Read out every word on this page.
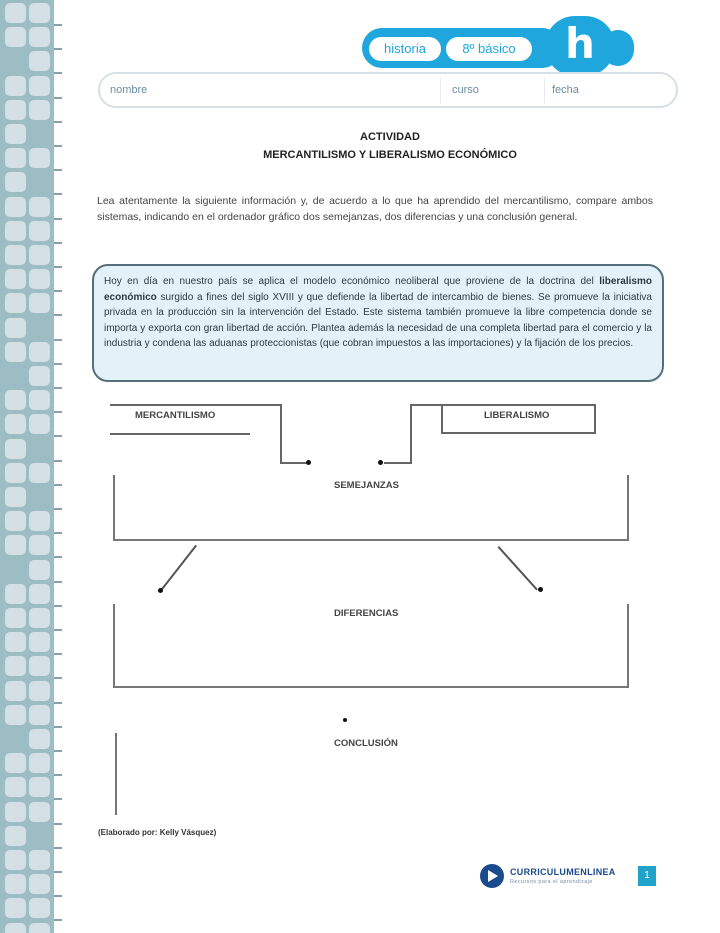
historia	8º básico	h
nombre	curso	fecha
ACTIVIDAD
MERCANTILISMO Y LIBERALISMO ECONÓMICO

Lea atentamente la siguiente información y, de acuerdo a lo que ha aprendido del mercantilismo, compare ambos sistemas, indicando en el ordenador gráfico dos semejanzas, dos diferencias y una conclusión general.

Hoy en día en nuestro país se aplica el modelo económico neoliberal que proviene de la doctrina del liberalismo económico surgido a fines del siglo XVIII y que defiende la libertad de intercambio de bienes. Se promueve la iniciativa privada en la producción sin la intervención del Estado. Este sistema también promueve la libre competencia donde se importa y exporta con gran libertad de acción. Plantea además la necesidad de una completa libertad para el comercio y la industria y condena las aduanas proteccionistas (que cobran impuestos a las importaciones) y la fijación de los precios.
MERCANTILISMO	LIBERALISMO
SEMEJANZAS
DIFERENCIAS
CONCLUSIÓN
(Elaborado por: Kelly Vásquez)
CURRICULUMENLINEA
Recursos para el aprendizaje
1
